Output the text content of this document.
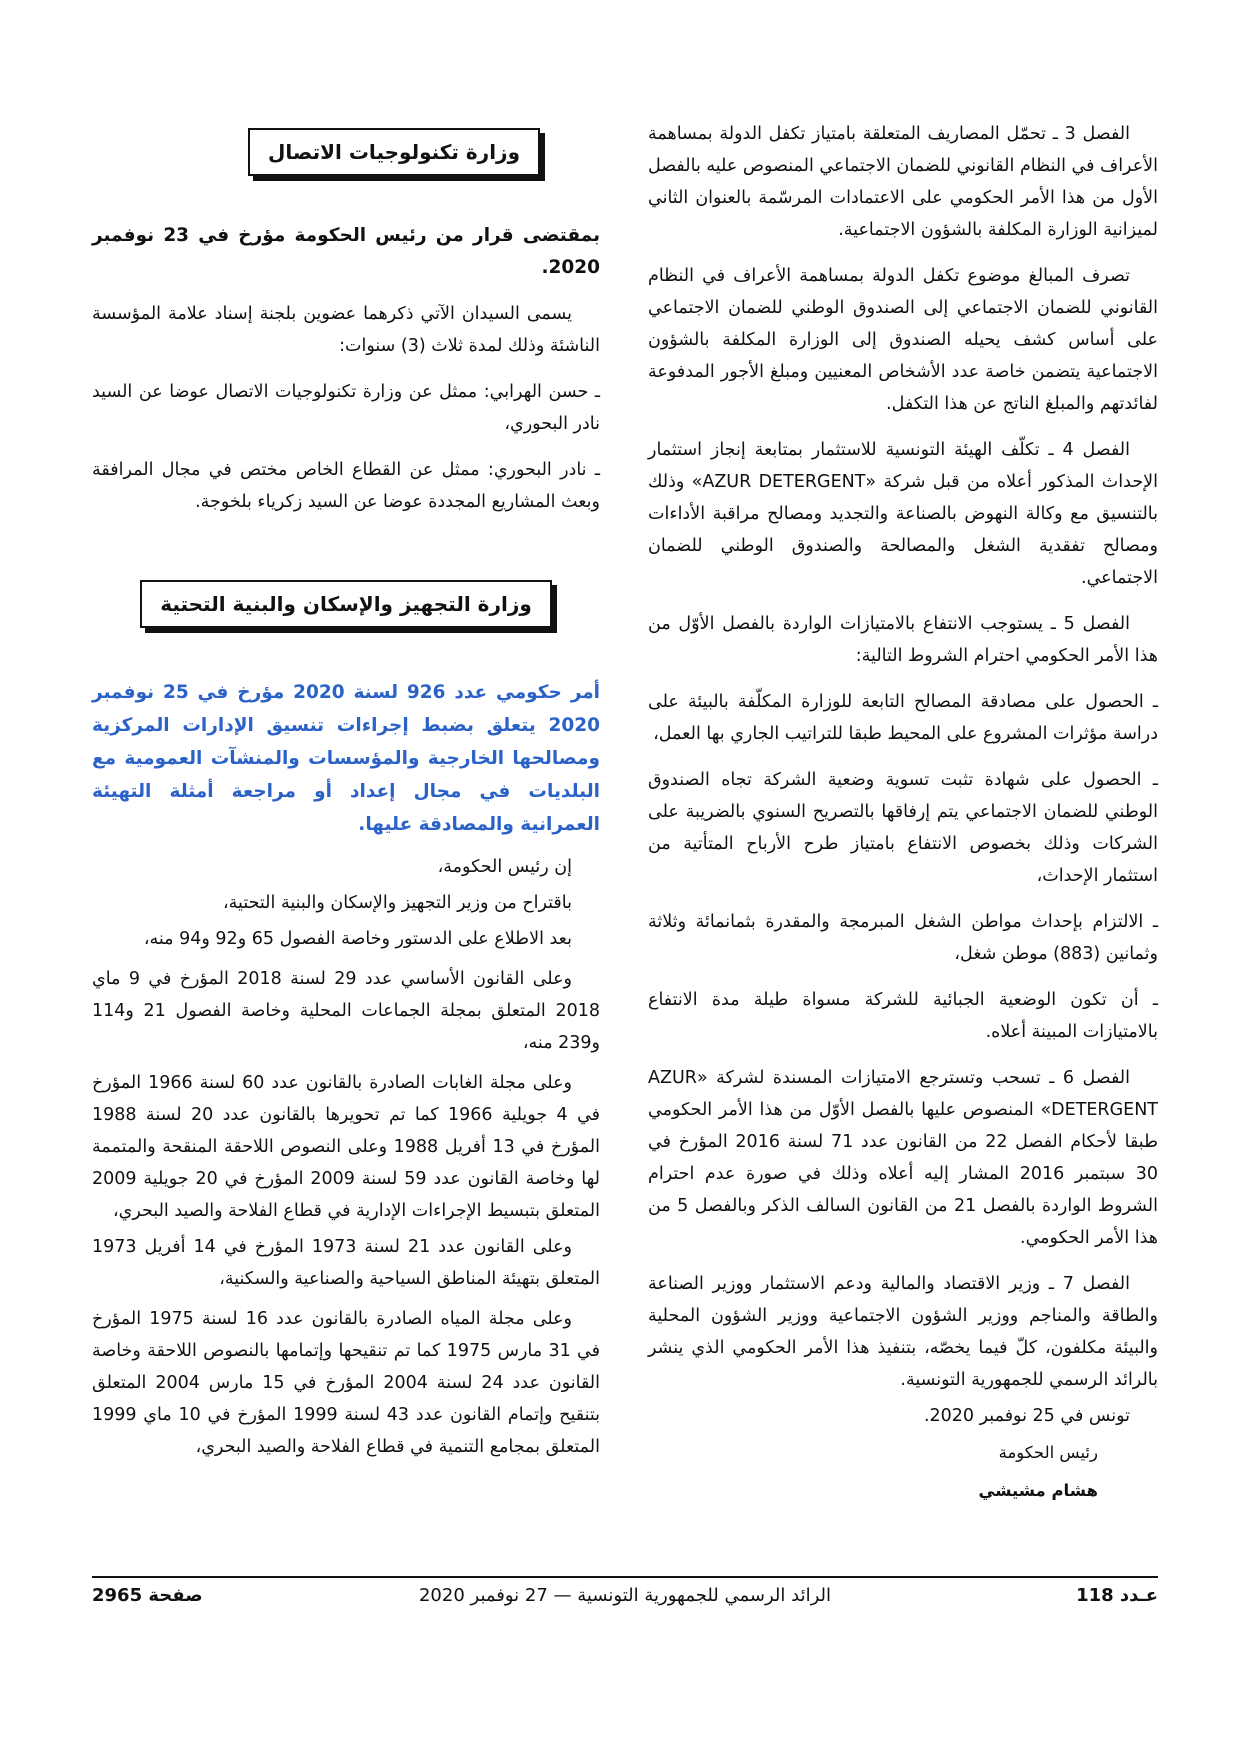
الفصل 3 ـ تحمّل المصاريف المتعلقة بامتياز تكفل الدولة بمساهمة الأعراف في النظام القانوني للضمان الاجتماعي المنصوص عليه بالفصل الأول من هذا الأمر الحكومي على الاعتمادات المرسّمة بالعنوان الثاني لميزانية الوزارة المكلفة بالشؤون الاجتماعية.

تصرف المبالغ موضوع تكفل الدولة بمساهمة الأعراف في النظام القانوني للضمان الاجتماعي إلى الصندوق الوطني للضمان الاجتماعي على أساس كشف يحيله الصندوق إلى الوزارة المكلفة بالشؤون الاجتماعية يتضمن خاصة عدد الأشخاص المعنيين ومبلغ الأجور المدفوعة لفائدتهم والمبلغ الناتج عن هذا التكفل.

الفصل 4 ـ تكلّف الهيئة التونسية للاستثمار بمتابعة إنجاز استثمار الإحداث المذكور أعلاه من قبل شركة «AZUR DETERGENT» وذلك بالتنسيق مع وكالة النهوض بالصناعة والتجديد ومصالح مراقبة الأداءات ومصالح تفقدية الشغل والمصالحة والصندوق الوطني للضمان الاجتماعي.

الفصل 5 ـ يستوجب الانتفاع بالامتيازات الواردة بالفصل الأوّل من هذا الأمر الحكومي احترام الشروط التالية:

ـ الحصول على مصادقة المصالح التابعة للوزارة المكلّفة بالبيئة على دراسة مؤثرات المشروع على المحيط طبقا للتراتيب الجاري بها العمل،

ـ الحصول على شهادة تثبت تسوية وضعية الشركة تجاه الصندوق الوطني للضمان الاجتماعي يتم إرفاقها بالتصريح السنوي بالضريبة على الشركات وذلك بخصوص الانتفاع بامتياز طرح الأرباح المتأتية من استثمار الإحداث،

ـ الالتزام بإحداث مواطن الشغل المبرمجة والمقدرة بثمانمائة وثلاثة وثمانين (883) موطن شغل،

ـ أن تكون الوضعية الجبائية للشركة مسواة طيلة مدة الانتفاع بالامتيازات المبينة أعلاه.

الفصل 6 ـ تسحب وتسترجع الامتيازات المسندة لشركة «AZUR DETERGENT» المنصوص عليها بالفصل الأوّل من هذا الأمر الحكومي طبقا لأحكام الفصل 22 من القانون عدد 71 لسنة 2016 المؤرخ في 30 سبتمبر 2016 المشار إليه أعلاه وذلك في صورة عدم احترام الشروط الواردة بالفصل 21 من القانون السالف الذكر وبالفصل 5 من هذا الأمر الحكومي.

الفصل 7 ـ وزير الاقتصاد والمالية ودعم الاستثمار ووزير الصناعة والطاقة والمناجم ووزير الشؤون الاجتماعية ووزير الشؤون المحلية والبيئة مكلفون، كلّ فيما يخصّه، بتنفيذ هذا الأمر الحكومي الذي ينشر بالرائد الرسمي للجمهورية التونسية.

تونس في 25 نوفمبر 2020.

رئيس الحكومة
هشام مشيشي
وزارة تكنولوجيات الاتصال

بمقتضى قرار من رئيس الحكومة مؤرخ في 23 نوفمبر 2020.

يسمى السيدان الآتي ذكرهما عضوين بلجنة إسناد علامة المؤسسة الناشئة وذلك لمدة ثلاث (3) سنوات:

ـ حسن الهرابي: ممثل عن وزارة تكنولوجيات الاتصال عوضا عن السيد نادر البحوري،

ـ نادر البحوري: ممثل عن القطاع الخاص مختص في مجال المرافقة وبعث المشاريع المجددة عوضا عن السيد زكرياء بلخوجة.

وزارة التجهيز والإسكان والبنية التحتية

أمر حكومي عدد 926 لسنة 2020 مؤرخ في 25 نوفمبر 2020 يتعلق بضبط إجراءات تنسيق الإدارات المركزية ومصالحها الخارجية والمؤسسات والمنشآت العمومية مع البلديات في مجال إعداد أو مراجعة أمثلة التهيئة العمرانية والمصادقة عليها.

إن رئيس الحكومة،

باقتراح من وزير التجهيز والإسكان والبنية التحتية،

بعد الاطلاع على الدستور وخاصة الفصول 65 و92 و94 منه،

وعلى القانون الأساسي عدد 29 لسنة 2018 المؤرخ في 9 ماي 2018 المتعلق بمجلة الجماعات المحلية وخاصة الفصول 21 و114 و239 منه،

وعلى مجلة الغابات الصادرة بالقانون عدد 60 لسنة 1966 المؤرخ في 4 جويلية 1966 كما تم تحويرها بالقانون عدد 20 لسنة 1988 المؤرخ في 13 أفريل 1988 وعلى النصوص اللاحقة المنقحة والمتممة لها وخاصة القانون عدد 59 لسنة 2009 المؤرخ في 20 جويلية 2009 المتعلق بتبسيط الإجراءات الإدارية في قطاع الفلاحة والصيد البحري،

وعلى القانون عدد 21 لسنة 1973 المؤرخ في 14 أفريل 1973 المتعلق بتهيئة المناطق السياحية والصناعية والسكنية،

وعلى مجلة المياه الصادرة بالقانون عدد 16 لسنة 1975 المؤرخ في 31 مارس 1975 كما تم تنقيحها وإتمامها بالنصوص اللاحقة وخاصة القانون عدد 24 لسنة 2004 المؤرخ في 15 مارس 2004 المتعلق بتنقيح وإتمام القانون عدد 43 لسنة 1999 المؤرخ في 10 ماي 1999 المتعلق بمجامع التنمية في قطاع الفلاحة والصيد البحري،

عـدد 118
الرائد الرسمي للجمهورية التونسية — 27 نوفمبر 2020
صفحة 2965
